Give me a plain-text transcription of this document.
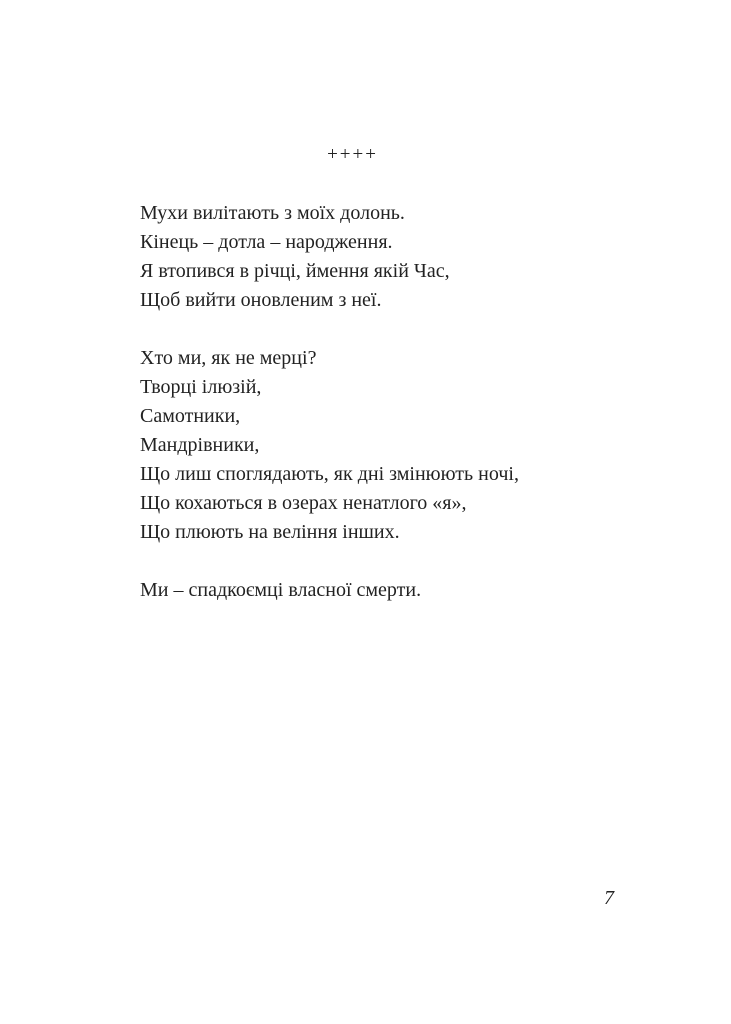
++++
Мухи вилітають з моїх долонь.
Кінець – дотла – народження.
Я втопився в річці, ймення якій Час,
Щоб вийти оновленим з неї.
Хто ми, як не мерці?
Творці ілюзій,
Самотники,
Мандрівники,
Що лиш споглядають, як дні змінюють ночі,
Що кохаються в озерах ненатлого «я»,
Що плюють на веління інших.
Ми – спадкоємці власної смерти.
7
